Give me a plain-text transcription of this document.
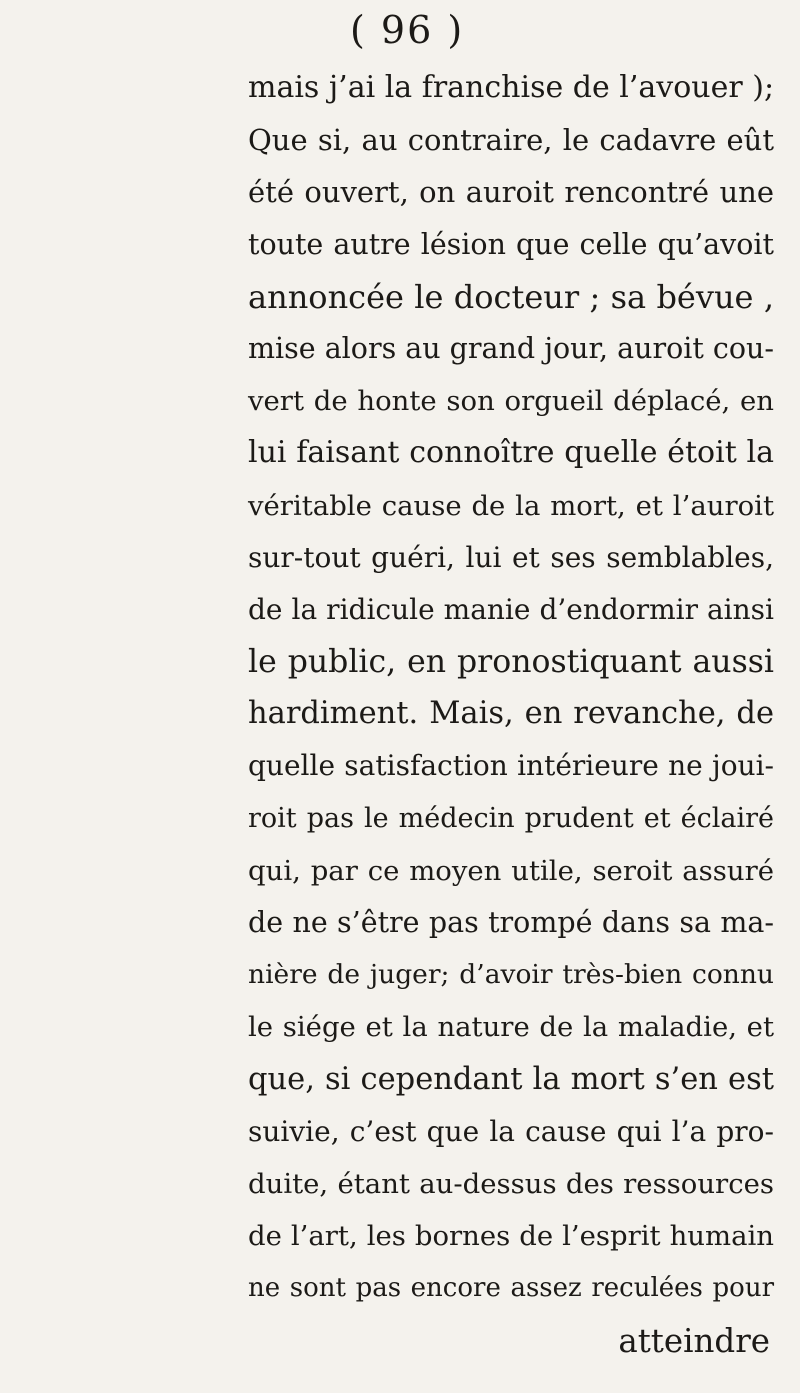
( 96 )
mais j’ai la franchise de l’avouer );
Que si, au contraire, le cadavre eût
été ouvert, on auroit rencontré une
toute autre lésion que celle qu’avoit
annoncée le docteur ; sa bévue ,
mise alors au grand jour, auroit cou-
vert de honte son orgueil déplacé, en
lui faisant connoître quelle étoit la
véritable cause de la mort, et l’auroit
sur-tout guéri, lui et ses semblables,
de la ridicule manie d’endormir ainsi
le public, en pronostiquant aussi
hardiment. Mais, en revanche, de
quelle satisfaction intérieure ne joui-
roit pas le médecin prudent et éclairé
qui, par ce moyen utile, seroit assuré
de ne s’être pas trompé dans sa ma-
nière de juger; d’avoir très-bien connu
le siége et la nature de la maladie, et
que, si cependant la mort s’en est
suivie, c’est que la cause qui l’a pro-
duite, étant au-dessus des ressources
de l’art, les bornes de l’esprit humain
ne sont pas encore assez reculées pour
atteindre
